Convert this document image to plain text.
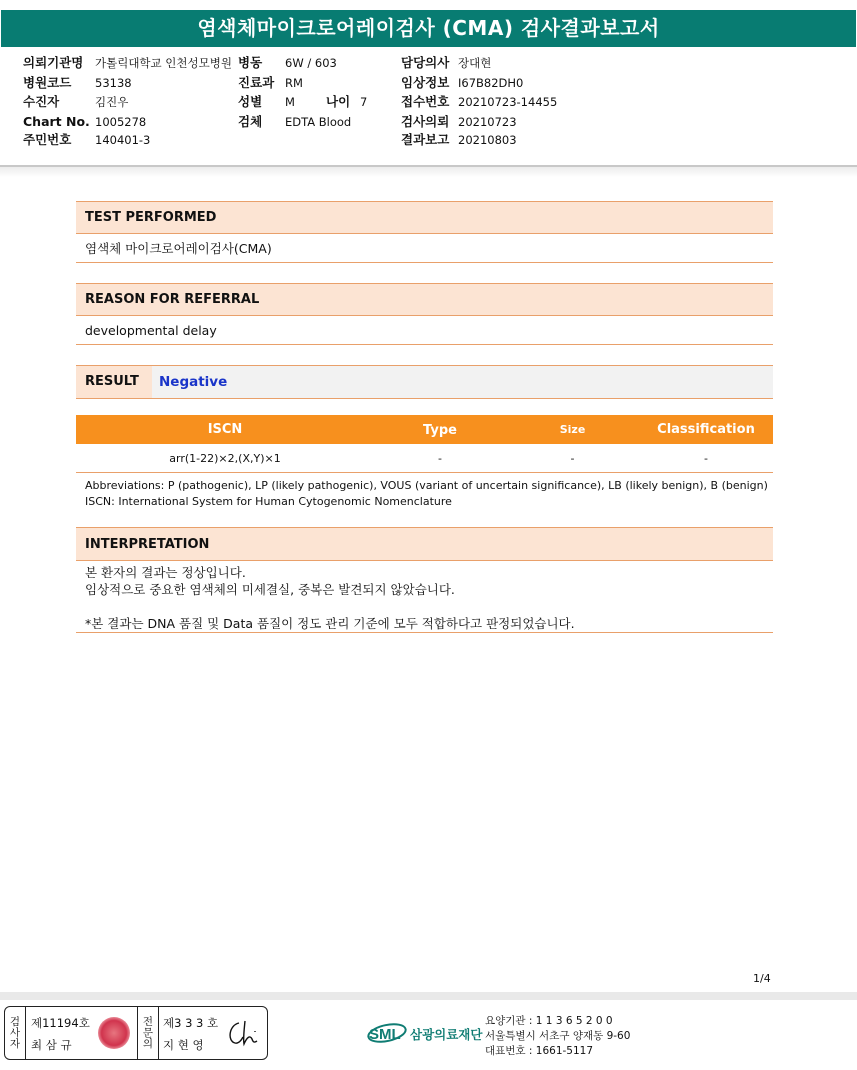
염색체마이크로어레이검사 (CMA) 검사결과보고서
의뢰기관명 가톨릭대학교 인천성모병원
병원코드 53138
수진자	김진우
Chart No. 1005278
주민번호 140401-3
병동 6W / 603
진료과 RM
성별 M 나이 7
검체 EDTA Blood
담당의사 장대현
임상정보 I67B82DH0
접수번호 20210723-14455
검사의뢰 20210723
결과보고 20210803
TEST PERFORMED
염색체 마이크로어레이검사(CMA)
REASON FOR REFERRAL
developmental delay
RESULT	Negative
ISCN	Type	Size	Classification
arr(1-22)×2,(X,Y)×1	-	-	-
Abbreviations: P (pathogenic), LP (likely pathogenic), VOUS (variant of uncertain significance), LB (likely benign), B (benign)
ISCN: International System for Human Cytogenomic Nomenclature
INTERPRETATION
본 환자의 결과는 정상입니다.
임상적으로 중요한 염색체의 미세결실, 중복은 발견되지 않았습니다.
*본 결과는 DNA 품질 및 Data 품질이 정도 관리 기준에 모두 적합하다고 판정되었습니다.
1/4
검
사
자
제11194호
최 삼 규
전
문
의
제3 3 3 호
지 현 영
SML 삼광의료재단
요양기관 : 1 1 3 6 5 2 0 0
서울특별시 서초구 양재동 9-60
대표번호 : 1661-5117
